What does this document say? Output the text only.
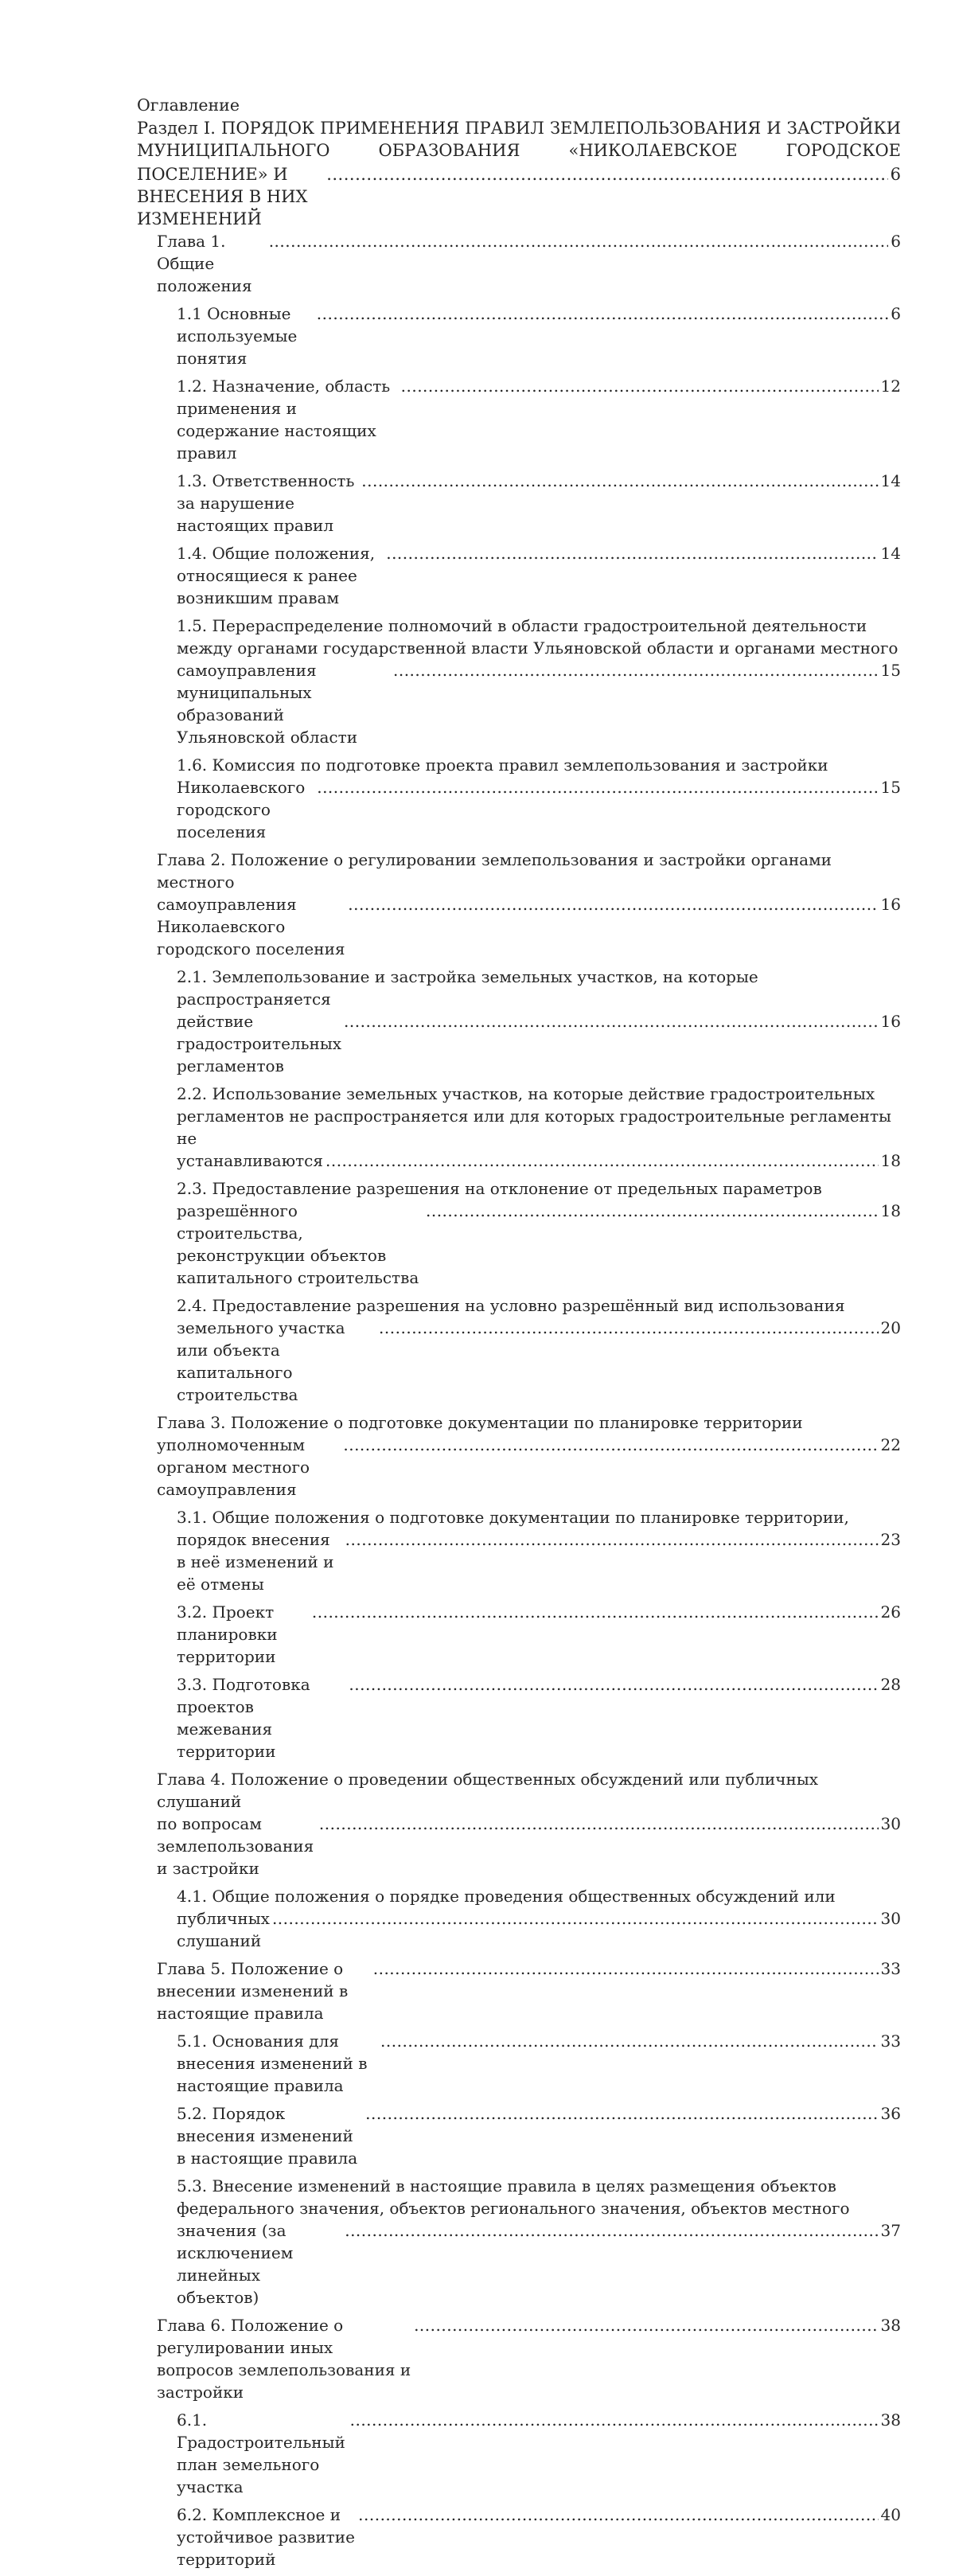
Оглавление
Раздел I. ПОРЯДОК ПРИМЕНЕНИЯ ПРАВИЛ ЗЕМЛЕПОЛЬЗОВАНИЯ И ЗАСТРОЙКИ МУНИЦИПАЛЬНОГО ОБРАЗОВАНИЯ «НИКОЛАЕВСКОЕ ГОРОДСКОЕ
ПОСЕЛЕНИЕ» И ВНЕСЕНИЯ В НИХ ИЗМЕНЕНИЙ
.....
6
Глава 1. Общие положения
.....
6
1.1 Основные используемые понятия
.....
6
1.2. Назначение, область применения и содержание настоящих правил
.....
12
1.3. Ответственность за нарушение настоящих правил
.....
14
1.4. Общие положения, относящиеся к ранее возникшим правам
.....
14
1.5. Перераспределение полномочий в области градостроительной деятельности
между органами государственной власти Ульяновской области и органами местного
самоуправления муниципальных образований Ульяновской области
.....
15
1.6. Комиссия по подготовке проекта правил землепользования и застройки
Николаевского городского поселения
.....
15
Глава 2. Положение о регулировании землепользования и застройки органами местного
самоуправления Николаевского городского поселения
.....
16
2.1. Землепользование и застройка земельных участков, на которые распространяется
действие градостроительных регламентов
.....
16
2.2. Использование земельных участков, на которые действие градостроительных
регламентов не распространяется или для которых градостроительные регламенты не
устанавливаются
.....	18
2.3. Предоставление разрешения на отклонение от предельных параметров
разрешённого строительства, реконструкции объектов капитального строительства
.....
18
2.4. Предоставление разрешения на условно разрешённый вид использования
земельного участка или объекта капитального строительства
.....
20
Глава 3. Положение о подготовке документации по планировке территории
уполномоченным органом местного самоуправления
.....
22
3.1. Общие положения о подготовке документации по планировке территории,
порядок внесения в неё изменений и её отмены
.....
23
3.2. Проект планировки территории
.....
26
3.3. Подготовка проектов межевания территории
.....
28
Глава 4. Положение о проведении общественных обсуждений или публичных слушаний
по вопросам землепользования и застройки
.....
30
4.1. Общие положения о порядке проведения общественных обсуждений или
публичных слушаний
.....
30
Глава 5. Положение о внесении изменений в настоящие правила
.....
33
5.1. Основания для внесения изменений в настоящие правила
.....
33
5.2. Порядок внесения изменений в настоящие правила
.....
36
5.3. Внесение изменений в настоящие правила в целях размещения объектов
федерального значения, объектов регионального значения, объектов местного
значения (за исключением линейных объектов)
.....
37
Глава 6. Положение о регулировании иных вопросов землепользования и застройки
.....
38
6.1. Градостроительный план земельного участка
.....
38
6.2. Комплексное и устойчивое развитие территорий
.....
40
